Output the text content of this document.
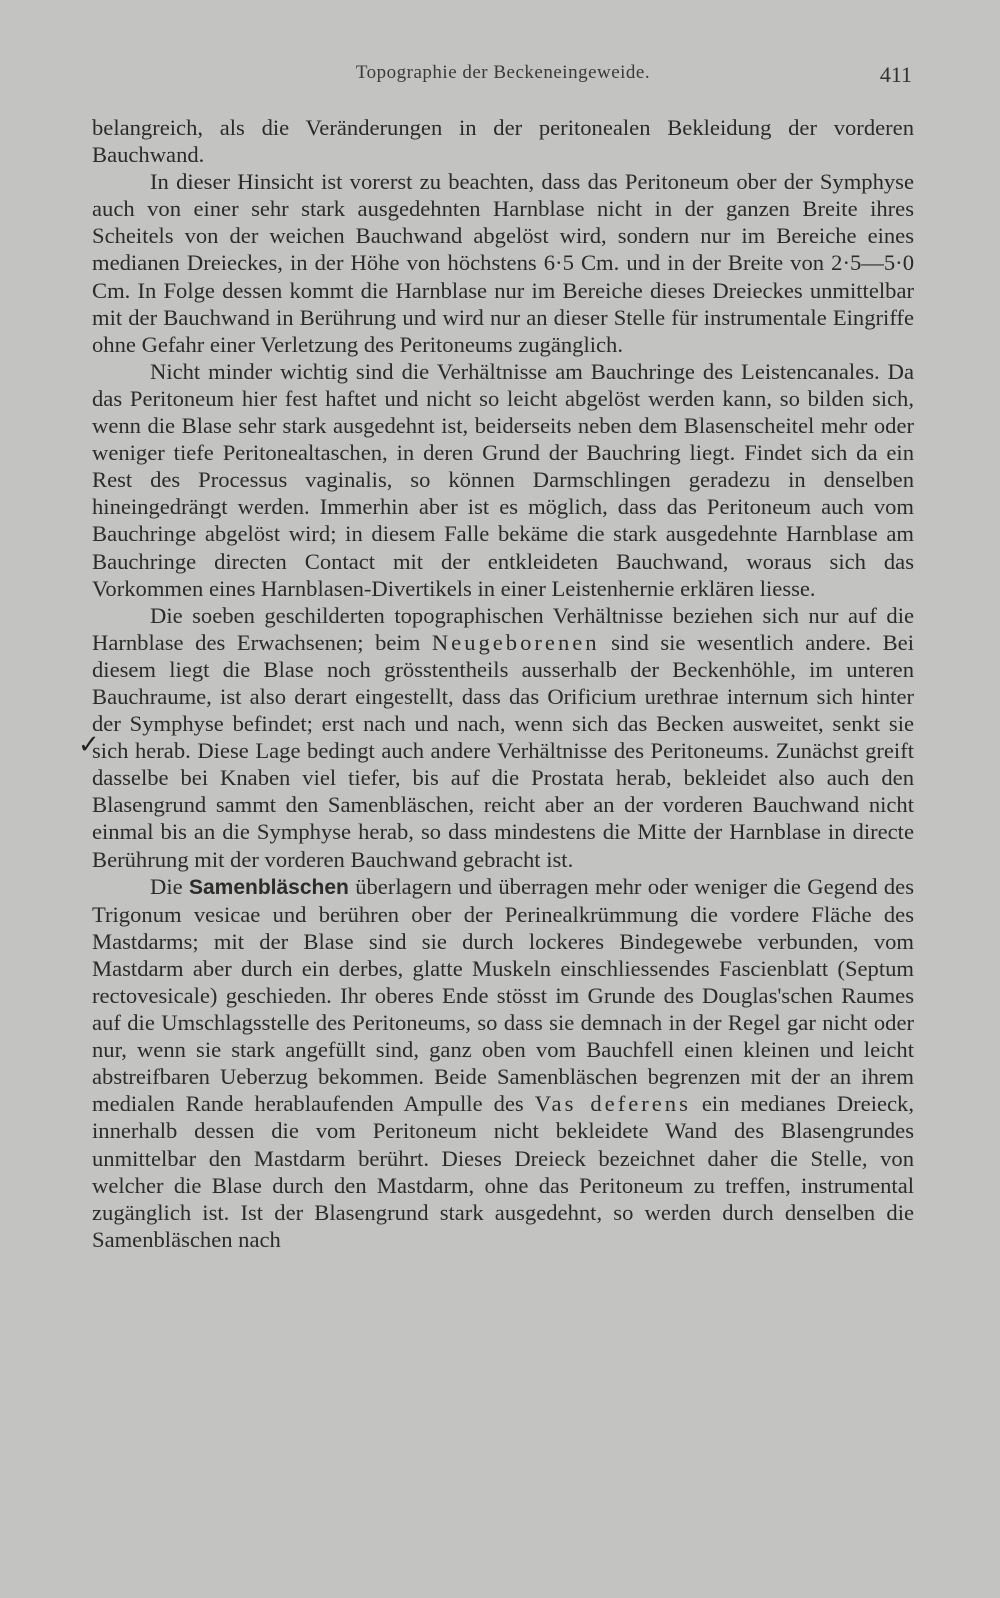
Topographie der Beckeneingeweide.	411
✓

belangreich, als die Veränderungen in der peritonealen Bekleidung der vorderen Bauchwand.

In dieser Hinsicht ist vorerst zu beachten, dass das Peritoneum ober der Symphyse auch von einer sehr stark ausgedehnten Harnblase nicht in der ganzen Breite ihres Scheitels von der weichen Bauchwand abgelöst wird, sondern nur im Bereiche eines medianen Dreieckes, in der Höhe von höchstens 6·5 Cm. und in der Breite von 2·5—5·0 Cm. In Folge dessen kommt die Harnblase nur im Bereiche dieses Dreieckes unmittelbar mit der Bauchwand in Berührung und wird nur an dieser Stelle für instrumentale Eingriffe ohne Gefahr einer Verletzung des Peritoneums zugänglich.

Nicht minder wichtig sind die Verhältnisse am Bauchringe des Leistencanales. Da das Peritoneum hier fest haftet und nicht so leicht abgelöst werden kann, so bilden sich, wenn die Blase sehr stark ausgedehnt ist, beiderseits neben dem Blasenscheitel mehr oder weniger tiefe Peritonealtaschen, in deren Grund der Bauchring liegt. Findet sich da ein Rest des Processus vaginalis, so können Darmschlingen geradezu in denselben hineingedrängt werden. Immerhin aber ist es möglich, dass das Peritoneum auch vom Bauchringe abgelöst wird; in diesem Falle bekäme die stark ausgedehnte Harnblase am Bauchringe directen Contact mit der entkleideten Bauchwand, woraus sich das Vorkommen eines Harnblasen-Divertikels in einer Leistenhernie erklären liesse.

Die soeben geschilderten topographischen Verhältnisse beziehen sich nur auf die Harnblase des Erwachsenen; beim Neugeborenen sind sie wesentlich andere. Bei diesem liegt die Blase noch grösstentheils ausserhalb der Beckenhöhle, im unteren Bauchraume, ist also derart eingestellt, dass das Orificium urethrae internum sich hinter der Symphyse befindet; erst nach und nach, wenn sich das Becken ausweitet, senkt sie sich herab. Diese Lage bedingt auch andere Verhältnisse des Peritoneums. Zunächst greift dasselbe bei Knaben viel tiefer, bis auf die Prostata herab, bekleidet also auch den Blasengrund sammt den Samenbläschen, reicht aber an der vorderen Bauchwand nicht einmal bis an die Symphyse herab, so dass mindestens die Mitte der Harnblase in directe Berührung mit der vorderen Bauchwand gebracht ist.

Die Samenbläschen überlagern und überragen mehr oder weniger die Gegend des Trigonum vesicae und berühren ober der Perinealkrümmung die vordere Fläche des Mastdarms; mit der Blase sind sie durch lockeres Bindegewebe verbunden, vom Mastdarm aber durch ein derbes, glatte Muskeln einschliessendes Fascienblatt (Septum rectovesicale) geschieden. Ihr oberes Ende stösst im Grunde des Douglas'schen Raumes auf die Umschlagsstelle des Peritoneums, so dass sie demnach in der Regel gar nicht oder nur, wenn sie stark angefüllt sind, ganz oben vom Bauchfell einen kleinen und leicht abstreifbaren Ueberzug bekommen. Beide Samenbläschen begrenzen mit der an ihrem medialen Rande herablaufenden Ampulle des Vas deferens ein medianes Dreieck, innerhalb dessen die vom Peritoneum nicht bekleidete Wand des Blasengrundes unmittelbar den Mastdarm berührt. Dieses Dreieck bezeichnet daher die Stelle, von welcher die Blase durch den Mastdarm, ohne das Peritoneum zu treffen, instrumental zugänglich ist. Ist der Blasengrund stark ausgedehnt, so werden durch denselben die Samenbläschen nach
